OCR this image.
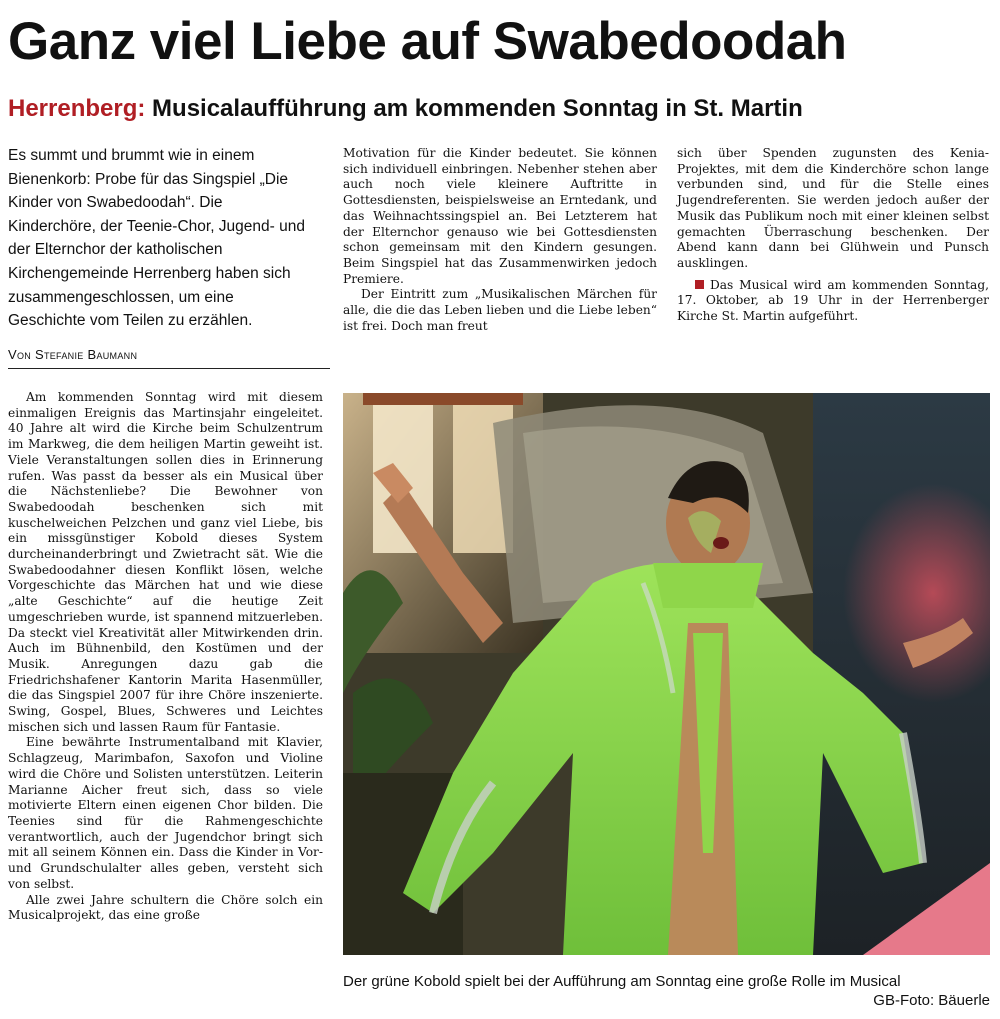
Ganz viel Liebe auf Swabedoodah
Herrenberg: Musicalaufführung am kommenden Sonntag in St. Martin

Es summt und brummt wie in einem Bienenkorb: Probe für das Singspiel „Die Kinder von Swabedoodah“. Die Kinderchöre, der Teenie-Chor, Jugend- und der Elternchor der katholischen Kirchengemeinde Herrenberg haben sich zusammengeschlossen, um eine Geschichte vom Teilen zu erzählen.

Von Stefanie Baumann

Am kommenden Sonntag wird mit diesem einmaligen Ereignis das Martinsjahr eingeleitet. 40 Jahre alt wird die Kirche beim Schulzentrum im Markweg, die dem heiligen Martin geweiht ist. Viele Veranstaltungen sollen dies in Erinnerung rufen. Was passt da besser als ein Musical über die Nächstenliebe? Die Bewohner von Swabedoodah beschenken sich mit kuschelweichen Pelzchen und ganz viel Liebe, bis ein missgünstiger Kobold dieses System durcheinanderbringt und Zwietracht sät. Wie die Swabedoodahner diesen Konflikt lösen, welche Vorgeschichte das Märchen hat und wie diese „alte Geschichte“ auf die heutige Zeit umgeschrieben wurde, ist spannend mitzuerleben. Da steckt viel Kreativität aller Mitwirkenden drin. Auch im Bühnenbild, den Kostümen und der Musik. Anregungen dazu gab die Friedrichshafener Kantorin Marita Hasenmüller, die das Singspiel 2007 für ihre Chöre inszenierte. Swing, Gospel, Blues, Schweres und Leichtes mischen sich und lassen Raum für Fantasie.

Eine bewährte Instrumentalband mit Klavier, Schlagzeug, Marimbafon, Saxofon und Violine wird die Chöre und Solisten unterstützen. Leiterin Marianne Aicher freut sich, dass so viele motivierte Eltern einen eigenen Chor bilden. Die Teenies sind für die Rahmengeschichte verantwortlich, auch der Jugendchor bringt sich mit all seinem Können ein. Dass die Kinder in Vor- und Grundschulalter alles geben, versteht sich von selbst.

Alle zwei Jahre schultern die Chöre solch ein Musicalprojekt, das eine große

Motivation für die Kinder bedeutet. Sie können sich individuell einbringen. Nebenher stehen aber auch noch viele kleinere Auftritte in Gottesdiensten, beispielsweise an Erntedank, und das Weihnachtssingspiel an. Bei Letzterem hat der Elternchor genauso wie bei Gottesdiensten schon gemeinsam mit den Kindern gesungen. Beim Singspiel hat das Zusammenwirken jedoch Premiere.

Der Eintritt zum „Musikalischen Märchen für alle, die die das Leben lieben und die Liebe leben“ ist frei. Doch man freut

sich über Spenden zugunsten des Kenia-Projektes, mit dem die Kinderchöre schon lange verbunden sind, und für die Stelle eines Jugendreferenten. Sie werden jedoch außer der Musik das Publikum noch mit einer kleinen selbst gemachten Überraschung beschenken. Der Abend kann dann bei Glühwein und Punsch ausklingen.

Das Musical wird am kommenden Sonntag, 17. Oktober, ab 19 Uhr in der Herrenberger Kirche St. Martin aufgeführt.

Der grüne Kobold spielt bei der Aufführung am Sonntag eine große Rolle im Musical
GB-Foto: Bäuerle
